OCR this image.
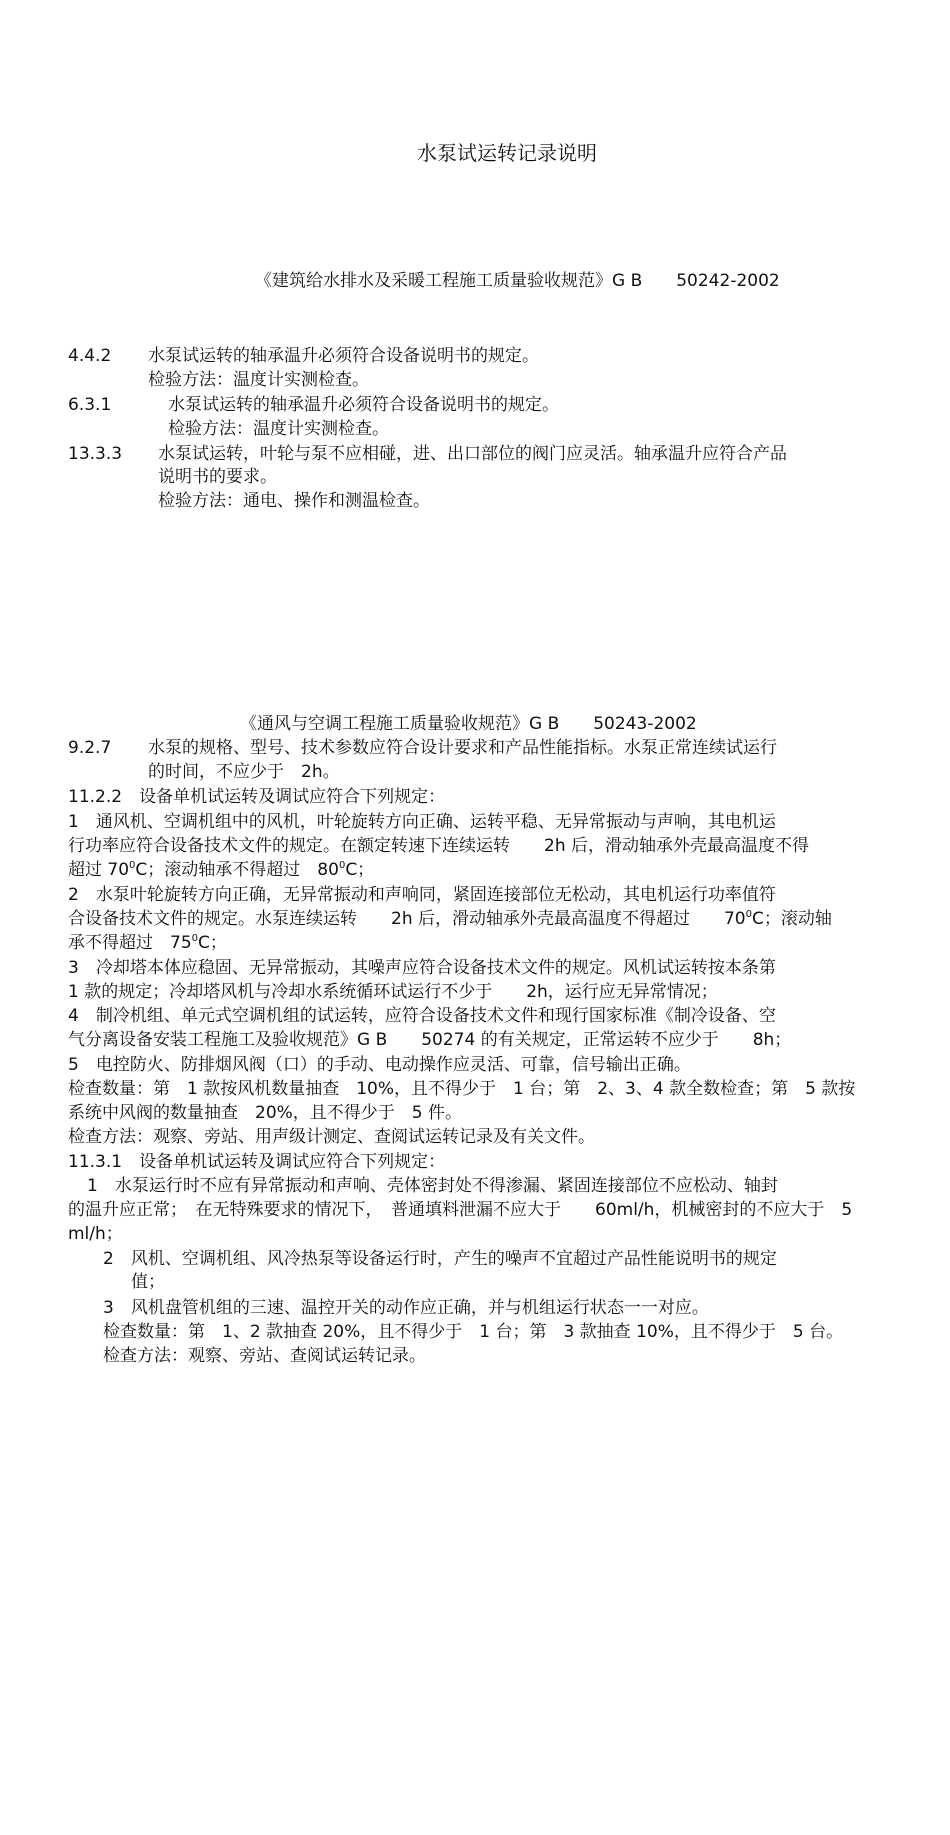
水泵试运转记录说明
《建筑给水排水及采暖工程施工质量验收规范》G B　　50242-2002
4.4.2 水泵试运转的轴承温升必须符合设备说明书的规定。
检验方法：温度计实测检查。
6.3.1	水泵试运转的轴承温升必须符合设备说明书的规定。
检验方法：温度计实测检查。
13.3.3 水泵试运转，叶轮与泵不应相碰，进、出口部位的阀门应灵活。轴承温升应符合产品
说明书的要求。
检验方法：通电、操作和测温检查。
《通风与空调工程施工质量验收规范》G B　　50243-2002
9.2.7 水泵的规格、型号、技术参数应符合设计要求和产品性能指标。水泵正常连续试运行
的时间，不应少于　2h。
11.2.2　设备单机试运转及调试应符合下列规定：
1　通风机、空调机组中的风机，叶轮旋转方向正确、运转平稳、无异常振动与声响，其电机运
行功率应符合设备技术文件的规定。在额定转速下连续运转　　2h 后，滑动轴承外壳最高温度不得
超过 $70^0C$；滚动轴承不得超过　$80^0C$；
2　水泵叶轮旋转方向正确，无异常振动和声响同，紧固连接部位无松动，其电机运行功率值符
合设备技术文件的规定。水泵连续运转　　2h 后，滑动轴承外壳最高温度不得超过　　$70^0C$；滚动轴
承不得超过　$75^0C$；
3　冷却塔本体应稳固、无异常振动，其噪声应符合设备技术文件的规定。风机试运转按本条第
1 款的规定；冷却塔风机与冷却水系统循环试运行不少于　　2h，运行应无异常情况；
4　制冷机组、单元式空调机组的试运转，应符合设备技术文件和现行国家标准《制冷设备、空
气分离设备安装工程施工及验收规范》G B　　50274 的有关规定，正常运转不应少于　　8h；
5　电控防火、防排烟风阀（口）的手动、电动操作应灵活、可靠，信号输出正确。
检查数量：第　1 款按风机数量抽查　10%，且不得少于　1 台；第　2、3、4 款全数检查；第　5 款按
系统中风阀的数量抽查　20%，且不得少于　5 件。
检查方法：观察、旁站、用声级计测定、查阅试运转记录及有关文件。
11.3.1　设备单机试运转及调试应符合下列规定：
1　水泵运行时不应有异常振动和声响、壳体密封处不得渗漏、紧固连接部位不应松动、轴封
的温升应正常；　在无特殊要求的情况下，　普通填料泄漏不应大于　　60ml/h，机械密封的不应大于　5
ml/h；
2　风机、空调机组、风冷热泵等设备运行时，产生的噪声不宜超过产品性能说明书的规定
值；
3　风机盘管机组的三速、温控开关的动作应正确，并与机组运行状态一一对应。
检查数量：第　1、2 款抽查 20%，且不得少于　1 台；第　3 款抽查 10%，且不得少于　5 台。
检查方法：观察、旁站、查阅试运转记录。
